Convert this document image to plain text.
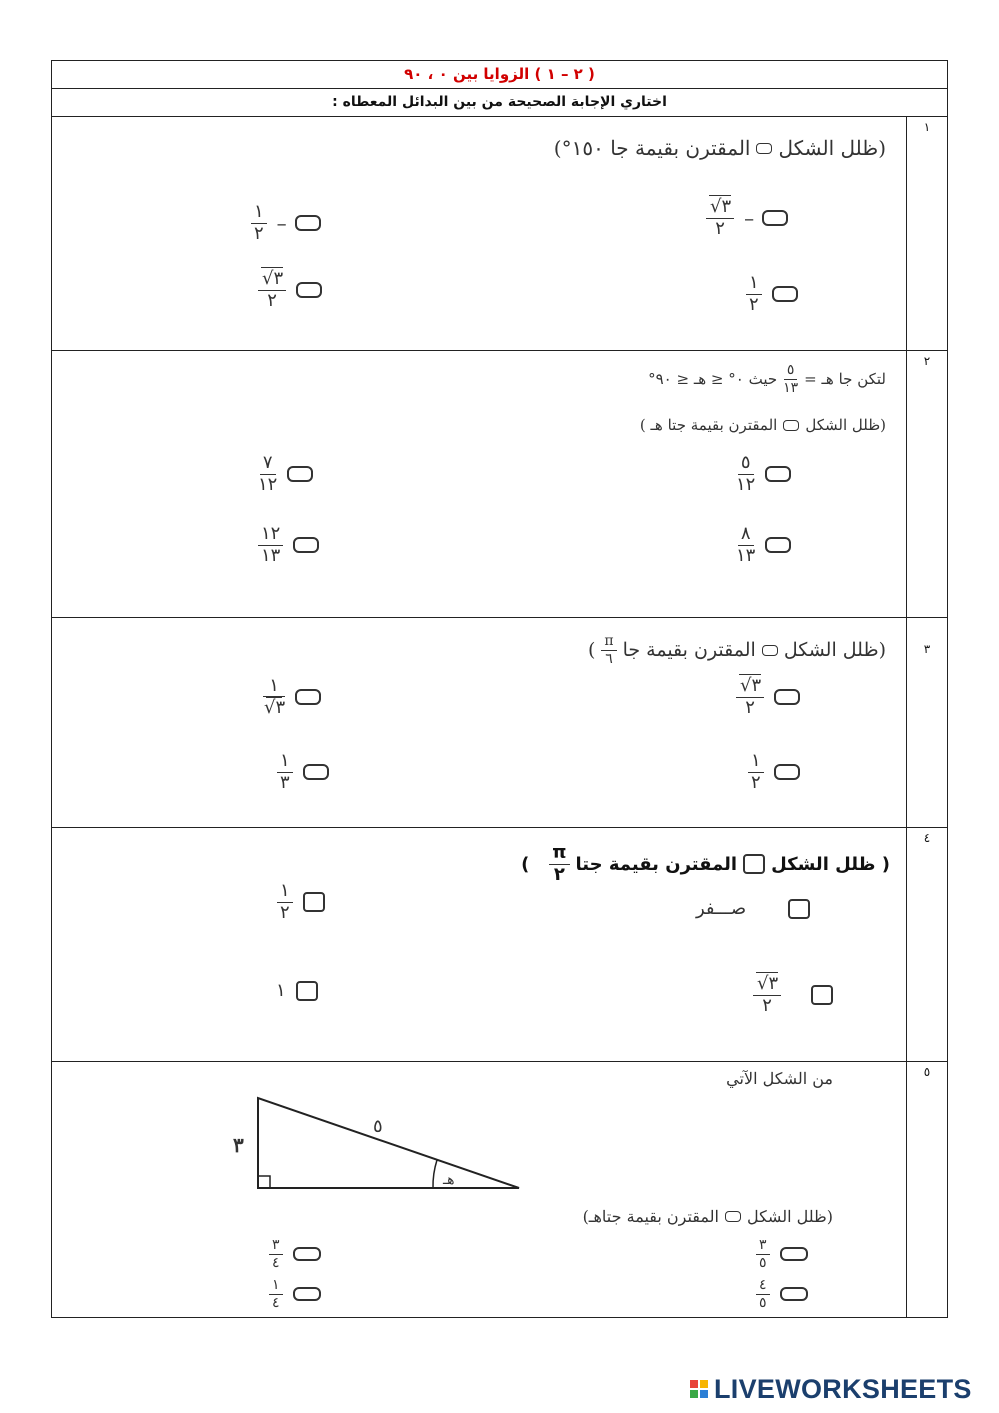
( ٢ – ١ ) الزوايا بين ٠ ، ٩٠
اختاري الإجابة الصحيحة من بين البدائل المعطاه :
١
٢
٣
٤
٥
(ظلل الشكل
المقترن بقيمة جا ١٥٠°)
$\frac{√٣}{٢}$ –
$\frac{١}{٢}$ –
$\frac{١}{٢}$
$\frac{√٣}{٢}$
لتكن جا هـ =
$\frac{٥}{١٣}$
حيث ٠° ≤ هـ ≤ ٩٠°
(ظلل الشكل
المقترن بقيمة جتا هـ )
$\frac{٥}{١٢}$
$\frac{٧}{١٢}$
$\frac{٨}{١٣}$
$\frac{١٢}{١٣}$
(ظلل الشكل
المقترن بقيمة جا
$\frac{\pi}{٦}$
)
$\frac{√٣}{٢}$
$\frac{١}{√٣}$
$\frac{١}{٢}$
$\frac{١}{٣}$
( ظلل الشكل
المقترن بقيمة جتا
$\frac{\pi}{٢}$
)
صـــفر
$\frac{١}{٢}$
$\frac{√٣}{٢}$
١
من الشكل الآتي
٣
٥
هـ
(ظلل الشكل
المقترن بقيمة جتاهـ)
$\frac{٣}{٥}$
$\frac{٣}{٤}$
$\frac{٤}{٥}$
$\frac{١}{٤}$
LIVEWORKSHEETS
